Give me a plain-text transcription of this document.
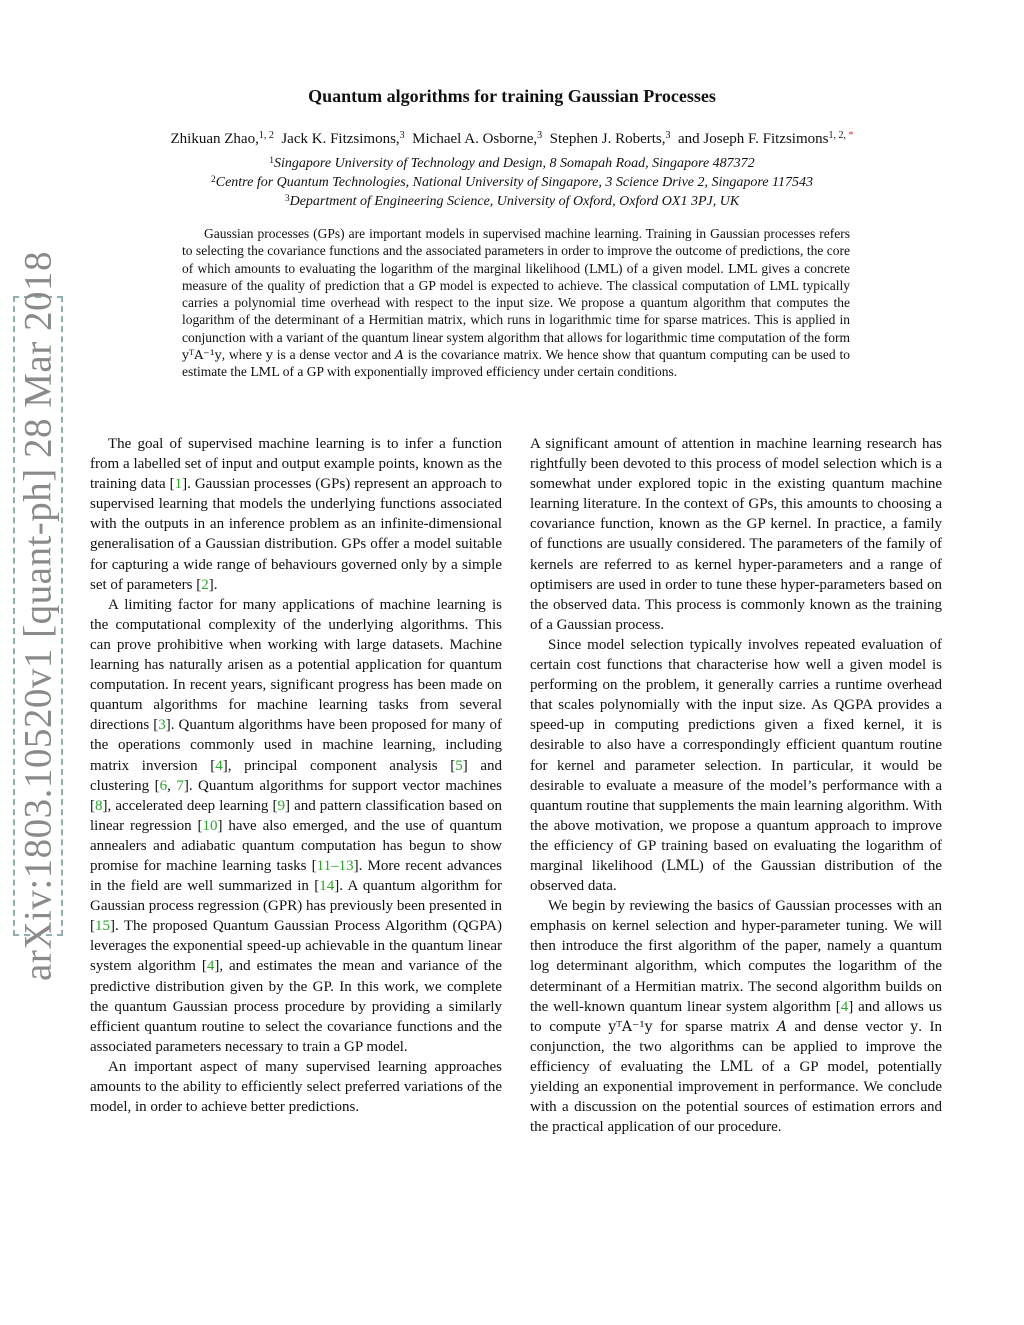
arXiv:1803.10520v1 [quant-ph] 28 Mar 2018
Quantum algorithms for training Gaussian Processes
Zhikuan Zhao,$^{1, 2}$ Jack K. Fitzsimons,$^3$ Michael A. Osborne,$^3$ Stephen J. Roberts,$^3$ and Joseph F. Fitzsimons$^{1, 2, *}$
$^1$Singapore University of Technology and Design, 8 Somapah Road, Singapore 487372
$^2$Centre for Quantum Technologies, National University of Singapore, 3 Science Drive 2, Singapore 117543
$^3$Department of Engineering Science, University of Oxford, Oxford OX1 3PJ, UK
Gaussian processes (GPs) are important models in supervised machine learning. Training in Gaussian processes refers to selecting the covariance functions and the associated parameters in order to improve the outcome of predictions, the core of which amounts to evaluating the logarithm of the marginal likelihood (LML) of a given model. LML gives a concrete measure of the quality of prediction that a GP model is expected to achieve. The classical computation of LML typically carries a polynomial time overhead with respect to the input size. We propose a quantum algorithm that computes the logarithm of the determinant of a Hermitian matrix, which runs in logarithmic time for sparse matrices. This is applied in conjunction with a variant of the quantum linear system algorithm that allows for logarithmic time computation of the form yᵀA⁻¹y, where y is a dense vector and A is the covariance matrix. We hence show that quantum computing can be used to estimate the LML of a GP with exponentially improved efficiency under certain conditions.

The goal of supervised machine learning is to infer a function from a labelled set of input and output example points, known as the training data [1]. Gaussian processes (GPs) represent an approach to supervised learning that models the underlying functions associated with the outputs in an inference problem as an infinite-dimensional generalisation of a Gaussian distribution. GPs offer a model suitable for capturing a wide range of behaviours governed only by a simple set of parameters [2].

A limiting factor for many applications of machine learning is the computational complexity of the underlying algorithms. This can prove prohibitive when working with large datasets. Machine learning has naturally arisen as a potential application for quantum computation. In recent years, significant progress has been made on quantum algorithms for machine learning tasks from several directions [3]. Quantum algorithms have been proposed for many of the operations commonly used in machine learning, including matrix inversion [4], principal component analysis [5] and clustering [6, 7]. Quantum algorithms for support vector machines [8], accelerated deep learning [9] and pattern classification based on linear regression [10] have also emerged, and the use of quantum annealers and adiabatic quantum computation has begun to show promise for machine learning tasks [11–13]. More recent advances in the field are well summarized in [14]. A quantum algorithm for Gaussian process regression (GPR) has previously been presented in [15]. The proposed Quantum Gaussian Process Algorithm (QGPA) leverages the exponential speed-up achievable in the quantum linear system algorithm [4], and estimates the mean and variance of the predictive distribution given by the GP. In this work, we complete the quantum Gaussian process procedure by providing a similarly efficient quantum routine to select the covariance functions and the associated parameters necessary to train a GP model.

An important aspect of many supervised learning approaches amounts to the ability to efficiently select preferred variations of the model, in order to achieve better predictions.

A significant amount of attention in machine learning research has rightfully been devoted to this process of model selection which is a somewhat under explored topic in the existing quantum machine learning literature. In the context of GPs, this amounts to choosing a covariance function, known as the GP kernel. In practice, a family of functions are usually considered. The parameters of the family of kernels are referred to as kernel hyper-parameters and a range of optimisers are used in order to tune these hyper-parameters based on the observed data. This process is commonly known as the training of a Gaussian process.

Since model selection typically involves repeated evaluation of certain cost functions that characterise how well a given model is performing on the problem, it generally carries a runtime overhead that scales polynomially with the input size. As QGPA provides a speed-up in computing predictions given a fixed kernel, it is desirable to also have a correspondingly efficient quantum routine for kernel and parameter selection. In particular, it would be desirable to evaluate a measure of the model’s performance with a quantum routine that supplements the main learning algorithm. With the above motivation, we propose a quantum approach to improve the efficiency of GP training based on evaluating the logarithm of marginal likelihood (LML) of the Gaussian distribution of the observed data.

We begin by reviewing the basics of Gaussian processes with an emphasis on kernel selection and hyper-parameter tuning. We will then introduce the first algorithm of the paper, namely a quantum log determinant algorithm, which computes the logarithm of the determinant of a Hermitian matrix. The second algorithm builds on the well-known quantum linear system algorithm [4] and allows us to compute yᵀA⁻¹y for sparse matrix A and dense vector y. In conjunction, the two algorithms can be applied to improve the efficiency of evaluating the LML of a GP model, potentially yielding an exponential improvement in performance. We conclude with a discussion on the potential sources of estimation errors and the practical application of our procedure.
